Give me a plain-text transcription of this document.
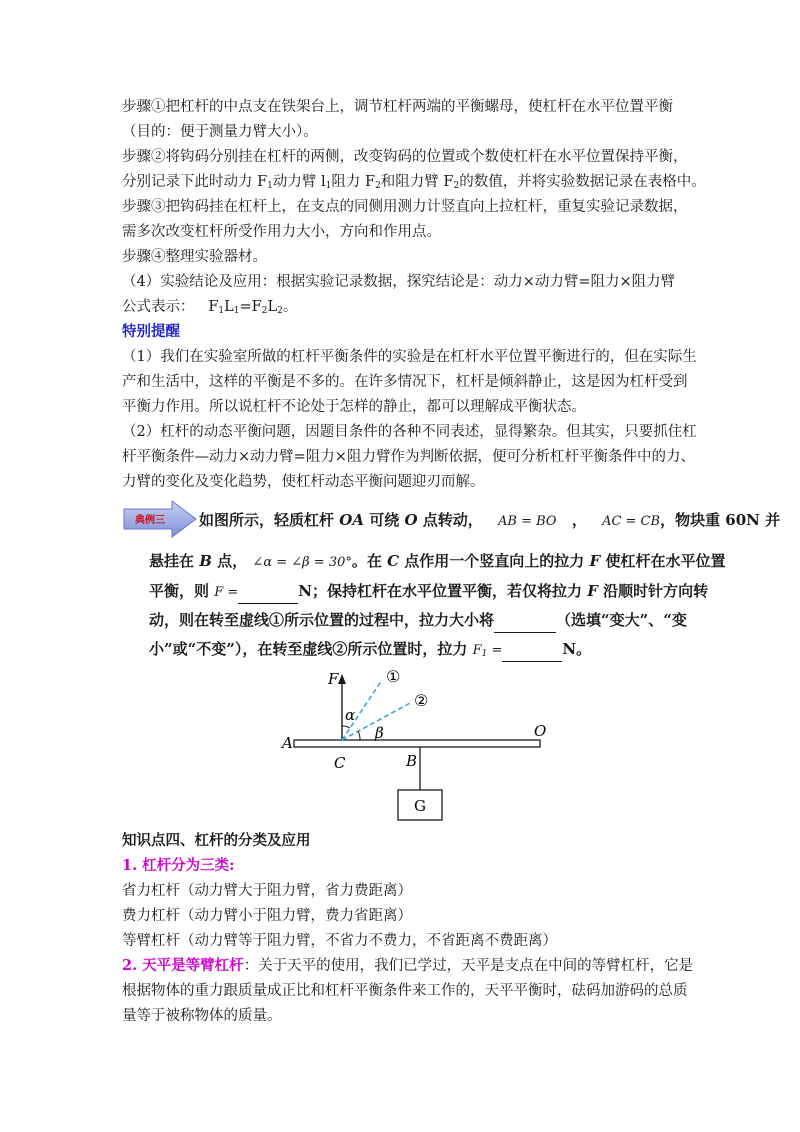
步骤①把杠杆的中点支在铁架台上，调节杠杆两端的平衡螺母，使杠杆在水平位置平衡
（目的：便于测量力臂大小）。
步骤②将钩码分别挂在杠杆的两侧，改变钩码的位置或个数使杠杆在水平位置保持平衡，
分别记录下此时动力 $F_1$动力臂 $l_1$阻力 $F_2$和阻力臂 $F_2$的数值，并将实验数据记录在表格中。
步骤③把钩码挂在杠杆上，在支点的同侧用测力计竖直向上拉杠杆，重复实验记录数据，
需多次改变杠杆所受作用力大小，方向和作用点。
步骤④整理实验器材。
（4）实验结论及应用：根据实验记录数据，探究结论是：动力×动力臂=阻力×阻力臂
公式表示： $F_1L_1=F_2L_2$。
特别提醒
（1）我们在实验室所做的杠杆平衡条件的实验是在杠杆水平位置平衡进行的，但在实际生
产和生活中，这样的平衡是不多的。在许多情况下，杠杆是倾斜静止，这是因为杠杆受到
平衡力作用。所以说杠杆不论处于怎样的静止，都可以理解成平衡状态。
（2）杠杆的动态平衡问题，因题目条件的各种不同表述，显得繁杂。但其实，只要抓住杠
杆平衡条件—动力×动力臂=阻力×阻力臂作为判断依据，便可分析杠杆平衡条件中的力、
力臂的变化及变化趋势，使杠杆动态平衡问题迎刃而解。
典例三 如图所示，轻质杠杆 OA 可绕 O 点转动， AB = BO ， AC = CB，物块重 60N 并
悬挂在 B 点， ∠α = ∠β = 30°。在 C 点作用一个竖直向上的拉力 F 使杠杆在水平位置
平衡，则 F =	N；保持杠杆在水平位置平衡，若仅将拉力 F 沿顺时针方向转
动，则在转至虚线①所示位置的过程中，拉力大小将	（选填“变大”、“变
小”或“不变”），在转至虚线②所示位置时，拉力 $F_1$ =	N。
F	①
②
α
β
A
O
C	B
G
知识点四、杠杆的分类及应用
1. 杠杆分为三类:
省力杠杆（动力臂大于阻力臂，省力费距离）
费力杠杆（动力臂小于阻力臂，费力省距离）
等臂杠杆（动力臂等于阻力臂，不省力不费力，不省距离不费距离）
2. 天平是等臂杠杆：关于天平的使用，我们已学过，天平是支点在中间的等臂杠杆，它是
根据物体的重力跟质量成正比和杠杆平衡条件来工作的，天平平衡时，砝码加游码的总质
量等于被称物体的质量。
